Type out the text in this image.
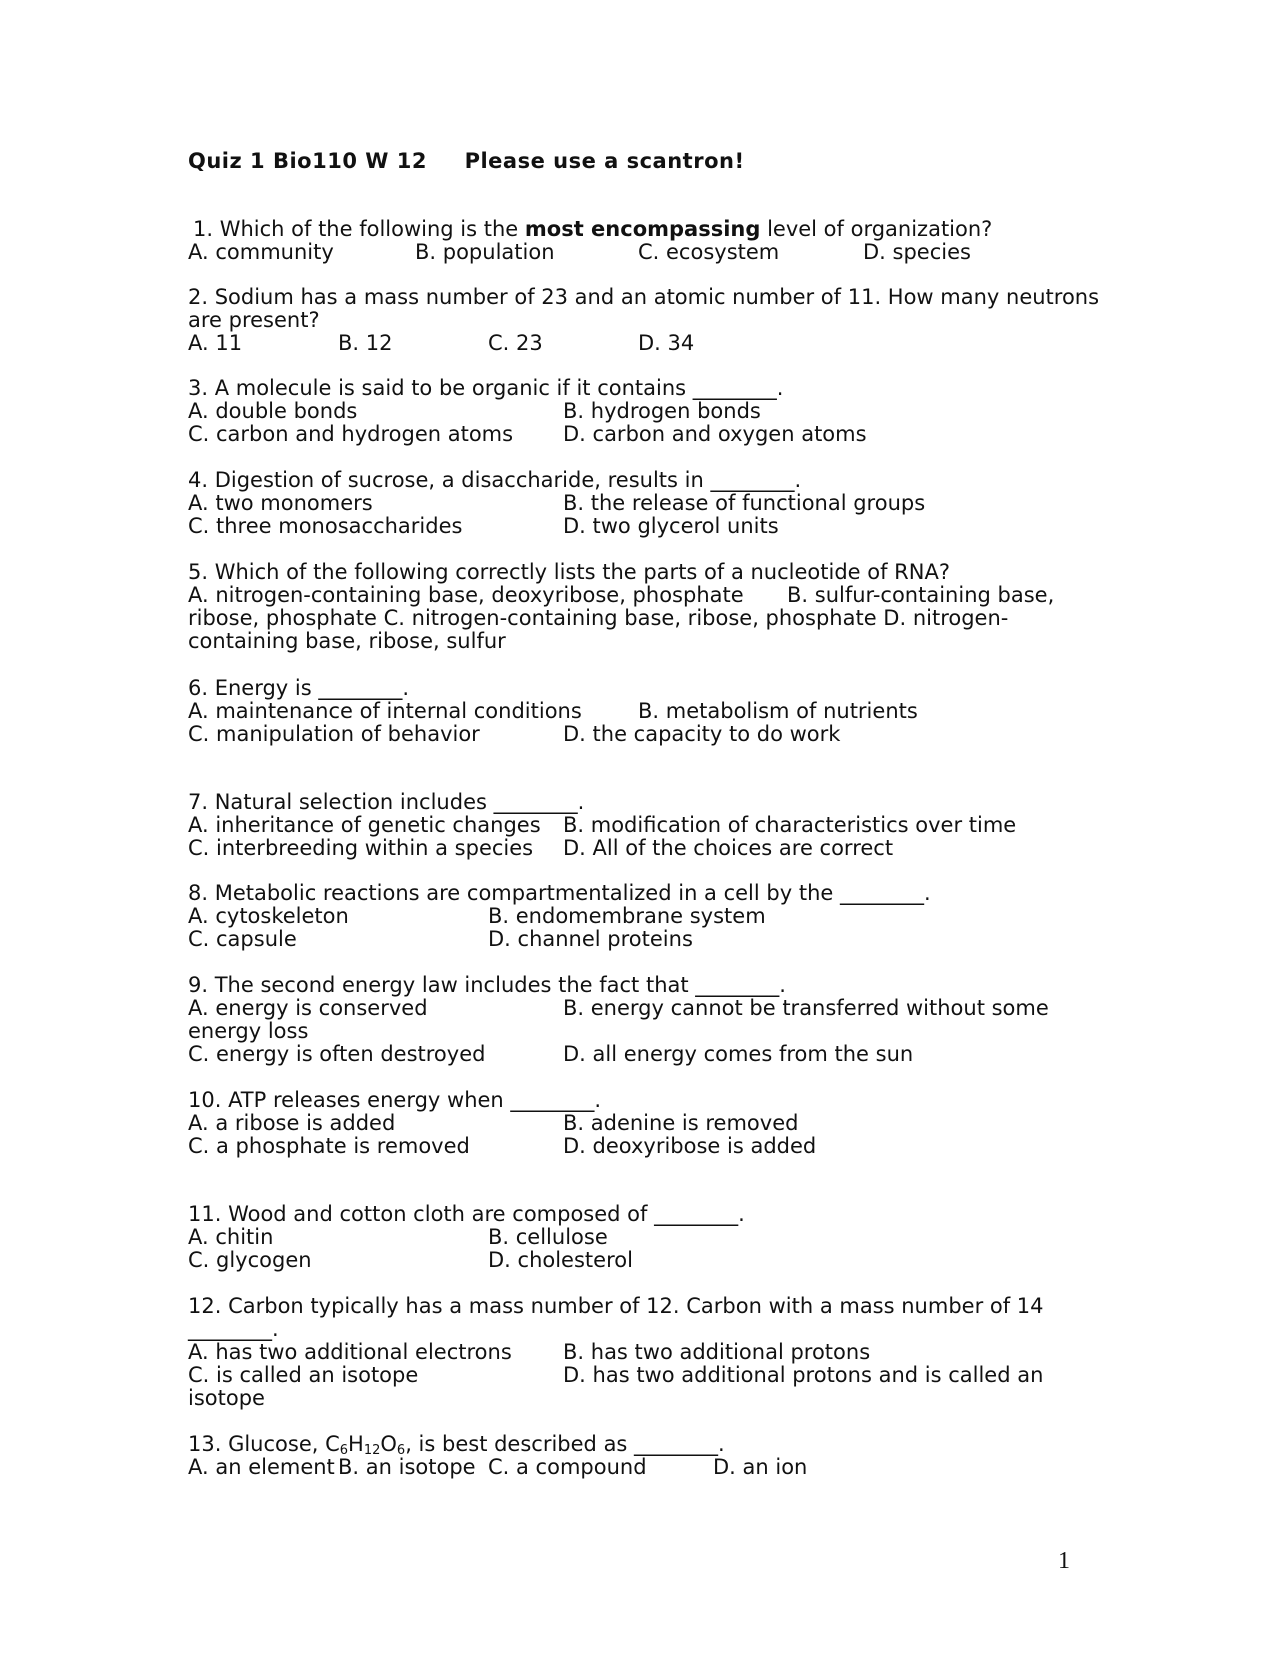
Quiz 1 Bio110 W 12 Please use a scantron!
1. Which of the following is the most encompassing level of organization?
A. community	B. population	C. ecosystem	D. species
2. Sodium has a mass number of 23 and an atomic number of 11. How many neutrons
are present?
A. 11	B. 12	C. 23	D. 34
3. A molecule is said to be organic if it contains ________.
A. double bonds	B. hydrogen bonds
C. carbon and hydrogen atoms D. carbon and oxygen atoms
4. Digestion of sucrose, a disaccharide, results in ________.
A. two monomers	B. the release of functional groups
C. three monosaccharides	D. two glycerol units
5. Which of the following correctly lists the parts of a nucleotide of RNA?
A. nitrogen-containing base, deoxyribose, phosphate B. sulfur-containing base,
ribose, phosphate C. nitrogen-containing base, ribose, phosphate D. nitrogen-
containing base, ribose, sulfur
6. Energy is ________.
A. maintenance of internal conditions	B. metabolism of nutrients
C. manipulation of behavior	D. the capacity to do work
7. Natural selection includes ________.
A. inheritance of genetic changes B. modification of characteristics over time
C. interbreeding within a species D. All of the choices are correct
8. Metabolic reactions are compartmentalized in a cell by the ________.
A. cytoskeleton	B. endomembrane system
C. capsule	D. channel proteins
9. The second energy law includes the fact that ________.
A. energy is conserved	B. energy cannot be transferred without some
energy loss
C. energy is often destroyed	D. all energy comes from the sun
10. ATP releases energy when ________.
A. a ribose is added	B. adenine is removed
C. a phosphate is removed	D. deoxyribose is added
11. Wood and cotton cloth are composed of ________.
A. chitin	B. cellulose
C. glycogen	D. cholesterol
12. Carbon typically has a mass number of 12. Carbon with a mass number of 14
________.
A. has two additional electrons B. has two additional protons
C. is called an isotope	D. has two additional protons and is called an
isotope
13. Glucose, $C_6H_{12}O_6$, is best described as ________.
A. an element B. an isotope C. a compound	D. an ion
1
